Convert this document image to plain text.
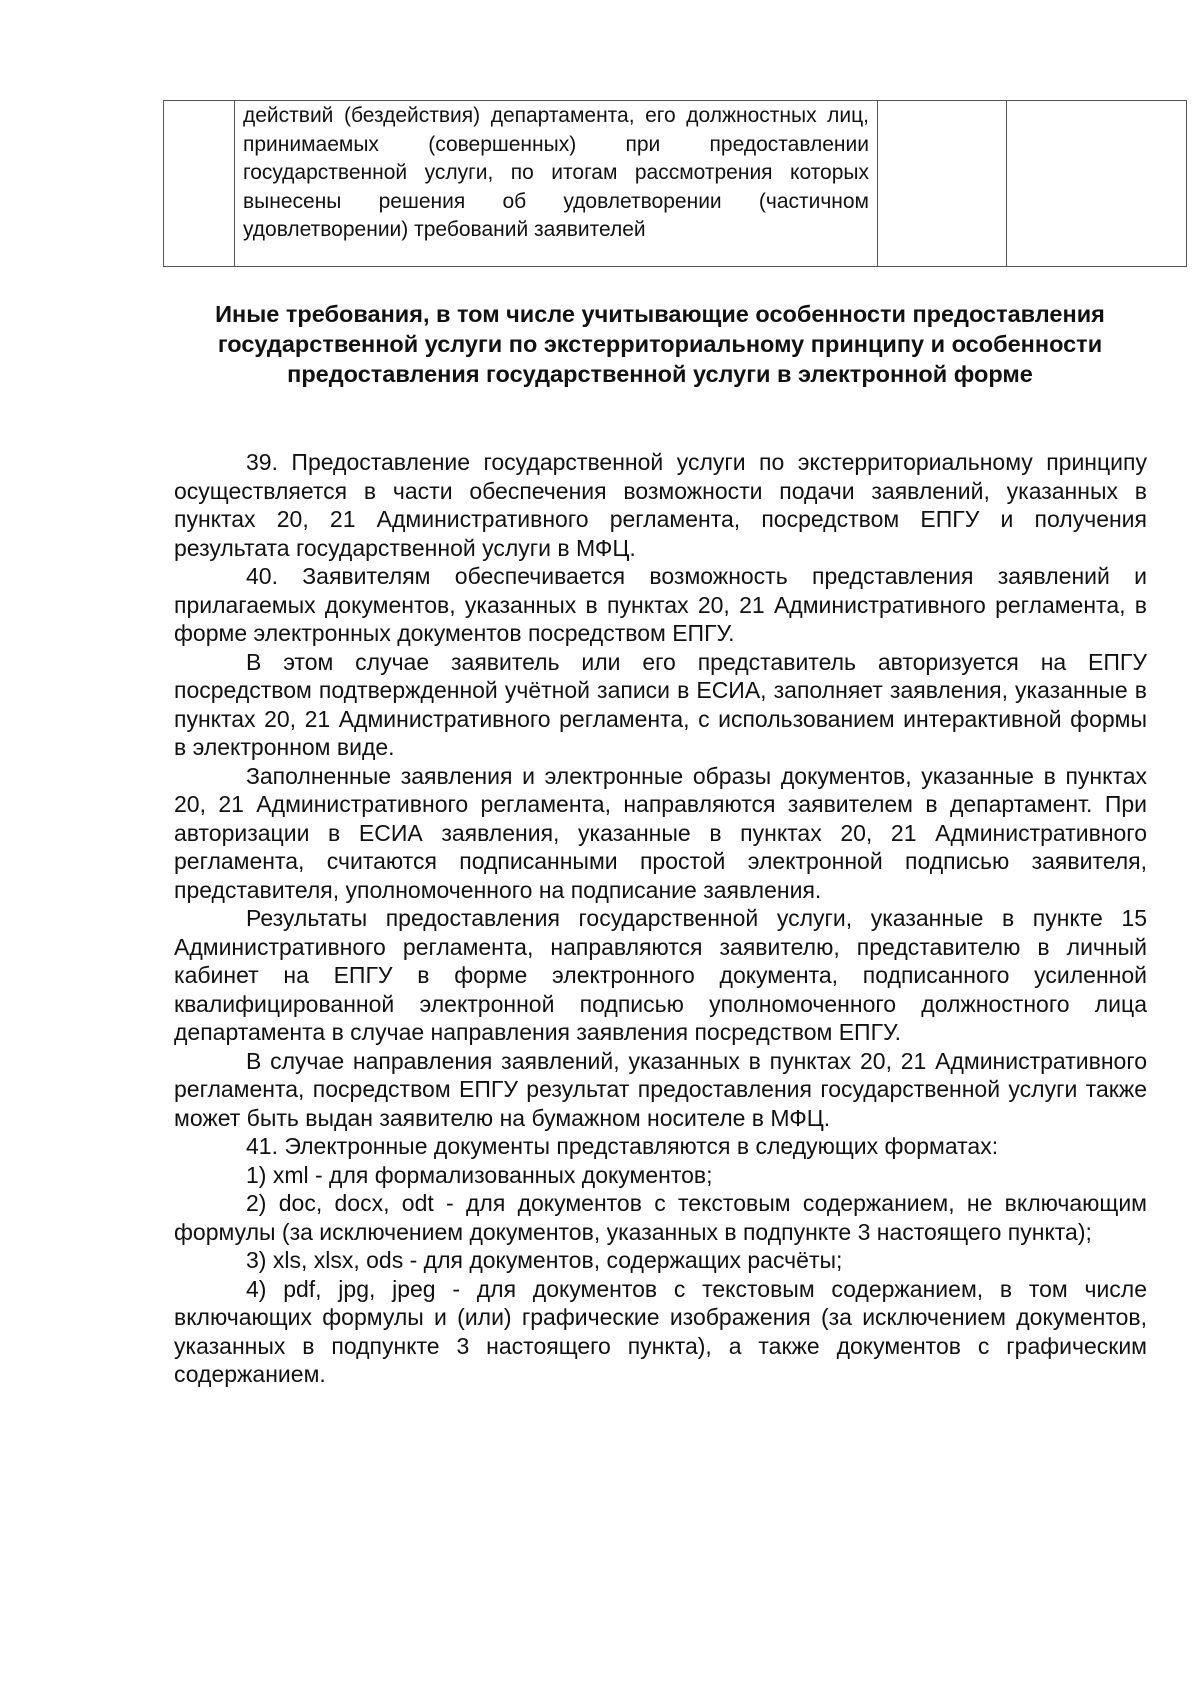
	действий (бездействия) департамента, его должностных лиц, принимаемых (совершенных) при предоставлении государственной услуги, по итогам рассмотрения которых вынесены решения об удовлетворении (частичном удовлетворении) требований заявителей		
Иные требования, в том числе учитывающие особенности предоставления государственной услуги по экстерриториальному принципу и особенности предоставления государственной услуги в электронной форме

39. Предоставление государственной услуги по экстерриториальному принципу осуществляется в части обеспечения возможности подачи заявлений, указанных в пунктах 20, 21 Административного регламента, посредством ЕПГУ и получения результата государственной услуги в МФЦ.

40. Заявителям обеспечивается возможность представления заявлений и прилагаемых документов, указанных в пунктах 20, 21 Административного регламента, в форме электронных документов посредством ЕПГУ.

В этом случае заявитель или его представитель авторизуется на ЕПГУ посредством подтвержденной учётной записи в ЕСИА, заполняет заявления, указанные в пунктах 20, 21 Административного регламента, с использованием интерактивной формы в электронном виде.

Заполненные заявления и электронные образы документов, указанные в пунктах 20, 21 Административного регламента, направляются заявителем в департамент. При авторизации в ЕСИА заявления, указанные в пунктах 20, 21 Административного регламента, считаются подписанными простой электронной подписью заявителя, представителя, уполномоченного на подписание заявления.

Результаты предоставления государственной услуги, указанные в пункте 15 Административного регламента, направляются заявителю, представителю в личный кабинет на ЕПГУ в форме электронного документа, подписанного усиленной квалифицированной электронной подписью уполномоченного должностного лица департамента в случае направления заявления посредством ЕПГУ.

В случае направления заявлений, указанных в пунктах 20, 21 Административного регламента, посредством ЕПГУ результат предоставления государственной услуги также может быть выдан заявителю на бумажном носителе в МФЦ.

41. Электронные документы представляются в следующих форматах:

1) xml - для формализованных документов;

2) doc, docx, odt - для документов с текстовым содержанием, не включающим формулы (за исключением документов, указанных в подпункте 3 настоящего пункта);

3) xls, xlsx, ods - для документов, содержащих расчёты;

4) pdf, jpg, jpeg - для документов с текстовым содержанием, в том числе включающих формулы и (или) графические изображения (за исключением документов, указанных в подпункте 3 настоящего пункта), а также документов с графическим содержанием.
